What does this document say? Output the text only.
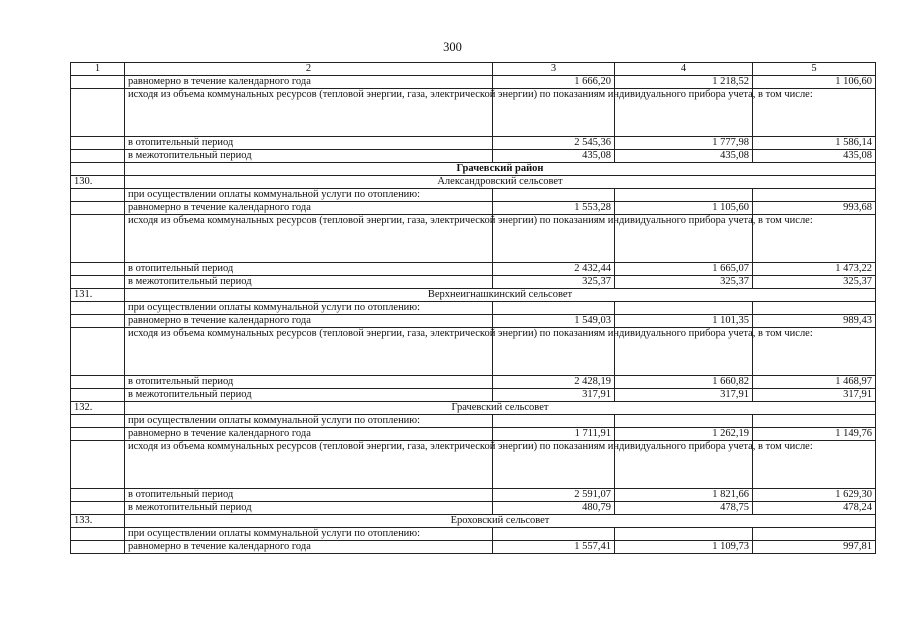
300
1	2	3	4	5
	равномерно в течение календарного года	1 666,20	1 218,52	1 106,60
	исходя из объема коммунальных ресурсов (тепловой энергии, газа, электрической энергии) по показаниям индивидуального прибора учета, в том числе:			
	в отопительный период	2 545,36	1 777,98	1 586,14
	в межотопительный период	435,08	435,08	435,08
	Грачевский район			
130.	Александровский сельсовет			
	при осуществлении оплаты коммунальной услуги по отоплению:			
	равномерно в течение календарного года	1 553,28	1 105,60	993,68
	исходя из объема коммунальных ресурсов (тепловой энергии, газа, электрической энергии) по показаниям индивидуального прибора учета, в том числе:			
	в отопительный период	2 432,44	1 665,07	1 473,22
	в межотопительный период	325,37	325,37	325,37
131.	Верхнеигнашкинский сельсовет			
	при осуществлении оплаты коммунальной услуги по отоплению:			
	равномерно в течение календарного года	1 549,03	1 101,35	989,43
	исходя из объема коммунальных ресурсов (тепловой энергии, газа, электрической энергии) по показаниям индивидуального прибора учета, в том числе:			
	в отопительный период	2 428,19	1 660,82	1 468,97
	в межотопительный период	317,91	317,91	317,91
132.	Грачевский сельсовет			
	при осуществлении оплаты коммунальной услуги по отоплению:			
	равномерно в течение календарного года	1 711,91	1 262,19	1 149,76
	исходя из объема коммунальных ресурсов (тепловой энергии, газа, электрической энергии) по показаниям индивидуального прибора учета, в том числе:			
	в отопительный период	2 591,07	1 821,66	1 629,30
	в межотопительный период	480,79	478,75	478,24
133.	Ероховский сельсовет			
	при осуществлении оплаты коммунальной услуги по отоплению:			
	равномерно в течение календарного года	1 557,41	1 109,73	997,81
